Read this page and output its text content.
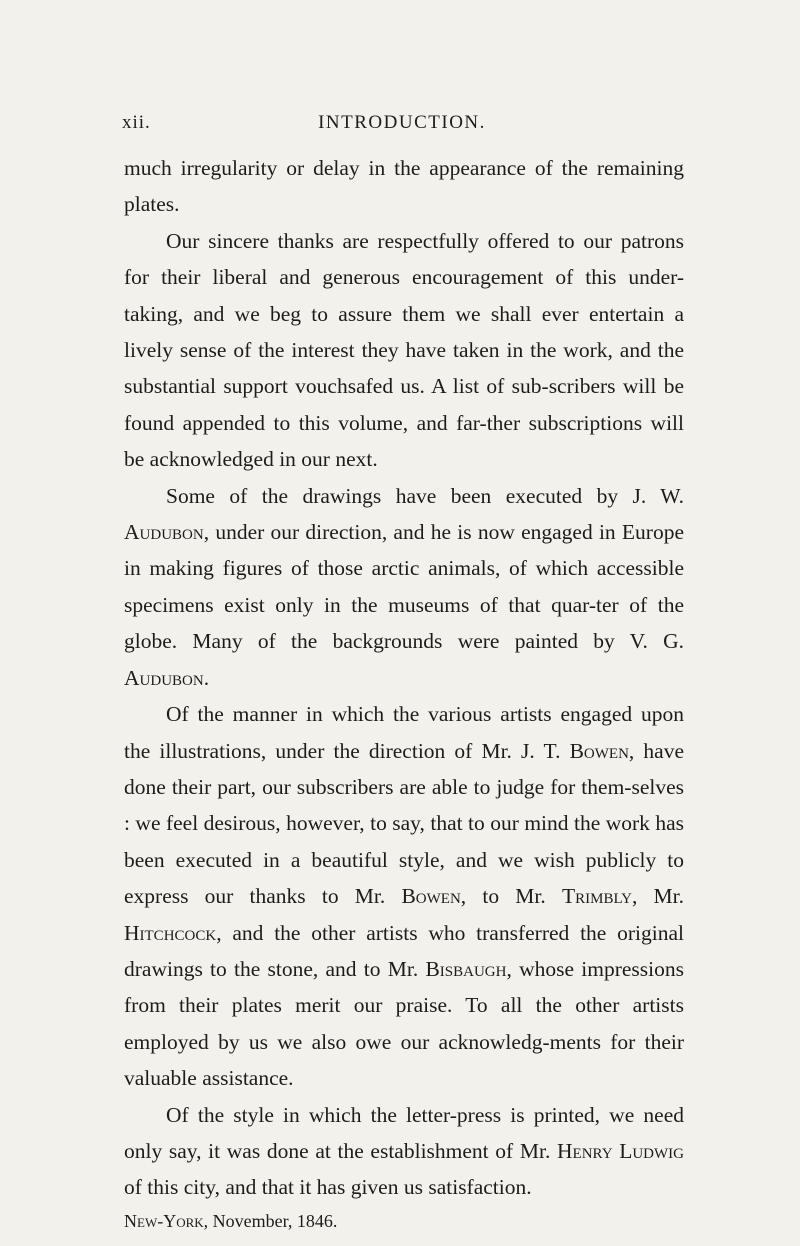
xii.	INTRODUCTION.

much irregularity or delay in the appearance of the remaining plates.

Our sincere thanks are respectfully offered to our patrons for their liberal and generous encouragement of this under-taking, and we beg to assure them we shall ever entertain a lively sense of the interest they have taken in the work, and the substantial support vouchsafed us. A list of sub-scribers will be found appended to this volume, and far-ther subscriptions will be acknowledged in our next.

Some of the drawings have been executed by J. W. Audubon, under our direction, and he is now engaged in Europe in making figures of those arctic animals, of which accessible specimens exist only in the museums of that quar-ter of the globe. Many of the backgrounds were painted by V. G. Audubon.

Of the manner in which the various artists engaged upon the illustrations, under the direction of Mr. J. T. Bowen, have done their part, our subscribers are able to judge for them-selves : we feel desirous, however, to say, that to our mind the work has been executed in a beautiful style, and we wish publicly to express our thanks to Mr. Bowen, to Mr. Trimbly, Mr. Hitchcock, and the other artists who transferred the original drawings to the stone, and to Mr. Bisbaugh, whose impressions from their plates merit our praise. To all the other artists employed by us we also owe our acknowledg-ments for their valuable assistance.

Of the style in which the letter-press is printed, we need only say, it was done at the establishment of Mr. Henry Ludwig of this city, and that it has given us satisfaction.

New-York, November, 1846.
